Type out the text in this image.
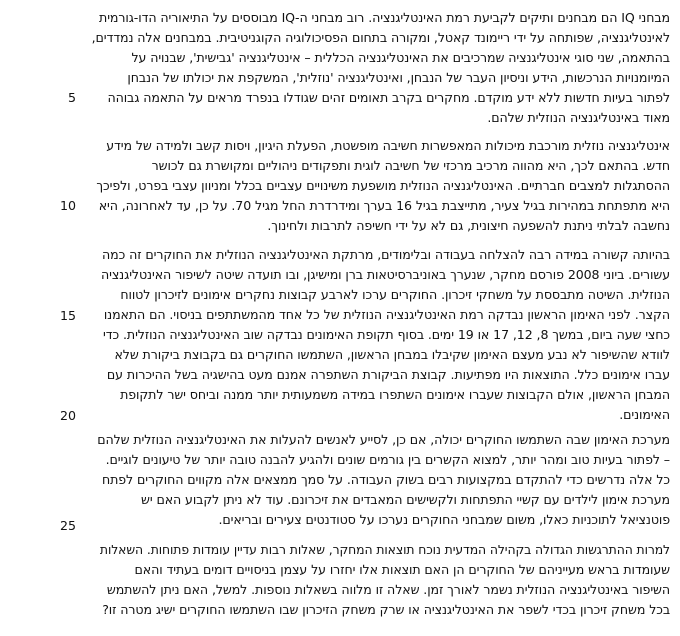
מבחני IQ הם מבחנים ותיקים לקביעת רמת האינטליגנציה. רוב מבחני ה-IQ מבוססים על התיאוריה הדו-גורמית
לאינטליגנציה, שפותחה על ידי ריימונד קאטל, ומקורה בתחום הפסיכולוגיה הקוגניטיבית. במבחנים אלה נמדדים,
בהתאמה, שני סוגי אינטליגנציה שמרכיבים את האינטליגנציה הכללית – אינטליגנציה 'גבישית', שבנויה על
המיומנויות הנרכשות, הידע וניסיון העבר של הנבחן, ואינטליגנציה 'נוזלית', המשקפת את יכולתו של הנבחן
לפתור בעיות חדשות ללא ידע מוקדם. מחקרים בקרב תאומים זהים שגודלו בנפרד מראים על התאמה גבוהה
מאוד באינטליגנציה הנוזלית שלהם.
אינטליגנציה נוזלית מורכבת מיכולות המאפשרות חשיבה מופשטת, הפעלת היגיון, ויסות קשב ולמידה של מידע
חדש. בהתאם לכך, היא מהווה מרכיב מרכזי של חשיבה לוגית ותפקודים ניהוליים ומקושרת גם לכושר
ההסתגלות למצבים חברתיים. האינטליגנציה הנוזלית מושפעת משינויים עצביים בכלל ומניוון עצבי בפרט, ולפיכך
היא מתפתחת במהירות בגיל צעיר, מתייצבת בגיל 16 בערך ומידרדרת החל מגיל 70. על כן, עד לאחרונה, היא
נחשבה לבלתי ניתנת להשפעה חיצונית, גם לא על ידי חשיפה לתרבות ולחינוך.
בהיותה קשורה במידה רבה להצלחה בעבודה ובלימודים, מרתקת האינטליגנציה הנוזלית את החוקרים זה כמה
עשורים. ביוני 2008 פורסם מחקר, שנערך באוניברסיטאות ברן ומישיגן, ובו תועדה שיטה לשיפור האינטליגנציה
הנוזלית. השיטה מתבססת על משחקי זיכרון. החוקרים ערכו לארבע קבוצות נחקרים אימונים לזיכרון לטווח
הקצר. לפני האימון הראשון נבדקה רמת האינטליגנציה הנוזלית של כל אחד מהמשתתפים בניסוי. הם התאמנו
כחצי שעה ביום, במשך 8, 12, 17 או 19 ימים. בסוף תקופת האימונים נבדקה שוב האינטליגנציה הנוזלית. כדי
לוודא שהשיפור לא נבע מעצם האימון שקיבלו במבחן הראשון, השתמשו החוקרים גם בקבוצת ביקורת שלא
עברו אימונים כלל. התוצאות היו מפתיעות. קבוצת הביקורת השתפרה אמנם מעט בהישגיה בשל ההיכרות עם
המבחן הראשון, אולם הקבוצות שעברו אימונים השתפרו במידה משמעותית יותר ממנה וביחס ישר לתקופת
האימונים.
מערכת האימון שבה השתמשו החוקרים יכולה, אם כן, לסייע לאנשים להעלות את האינטליגנציה הנוזלית שלהם
– לפתור בעיות טוב ומהר יותר, למצוא הקשרים בין גורמים שונים ולהגיע להבנה טובה יותר של טיעונים לוגיים.
כל אלה נדרשים כדי להתקדם במקצועות רבים בשוק העבודה. על סמך ממצאים אלה מקווים החוקרים לפתח
מערכת אימון לילדים עם קשיי התפתחות ולקשישים המאבדים את זיכרונם. עוד לא ניתן לקבוע האם יש
פוטנציאל לתוכניות כאלו, משום שמבחני החוקרים נערכו על סטודנטים צעירים ובריאים.
למרות ההתרגשות הגדולה בקהילה המדעית נוכח תוצאות המחקר, שאלות רבות עדיין עומדות פתוחות. השאלות
שעומדות בראש מעייניהם של החוקרים הן האם תוצאות אלו יחזרו על עצמן בניסויים דומים בעתיד והאם
השיפור באינטליגנציה הנוזלית נשמר לאורך זמן. שאלה זו מלווה בשאלות נוספות. למשל, האם ניתן להשתמש
בכל משחק זיכרון בכדי לשפר את האינטליגנציה או שרק משחק הזיכרון שבו השתמשו החוקרים ישיג מטרה זו?
5
10
15
20
25
